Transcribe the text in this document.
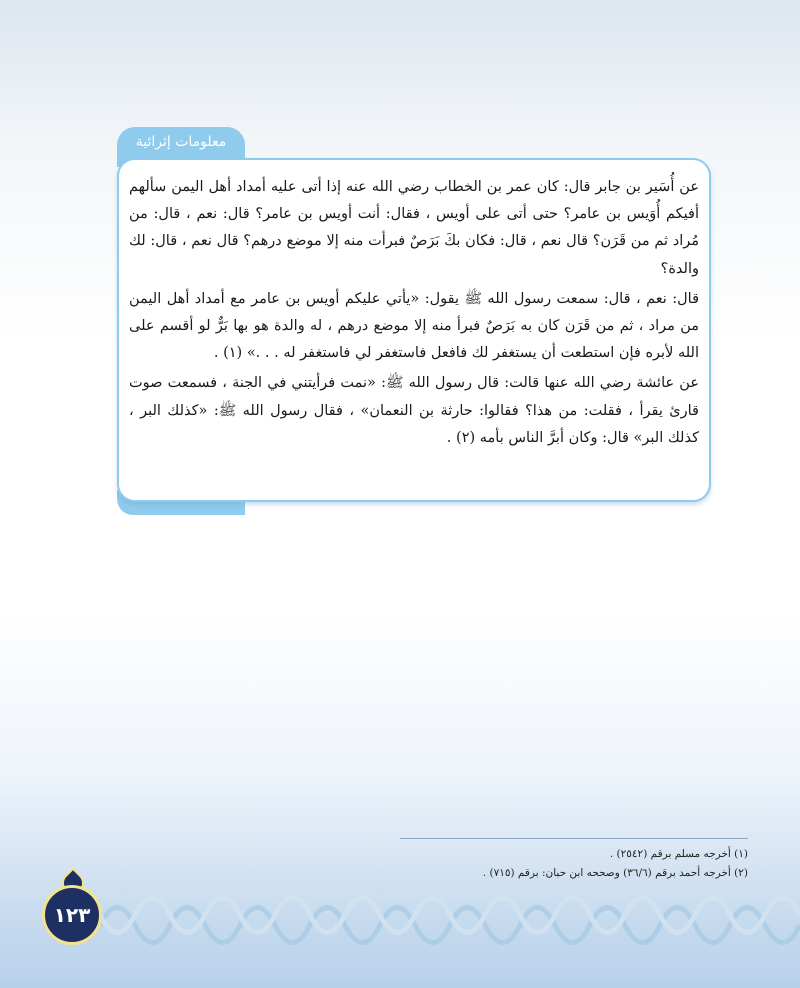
معلومات إثرائية

عن أُسَير بن جابر قال: كان عمر بن الخطاب رضي الله عنه إذا أتى عليه أمداد أهل اليمن سألهم أفيكم أُوَيس بن عامر؟ حتى أتى على أويس ، فقال: أنت أويس بن عامر؟ قال: نعم ، قال: من مُراد ثم من قَرَن؟ قال نعم ، قال: فكان بكَ بَرَصٌ فبرأت منه إلا موضع درهم؟ قال نعم ، قال: لك والدة؟

قال: نعم ، قال: سمعت رسول الله ﷺ يقول: «يأتي عليكم أويس بن عامر مع أمداد أهل اليمن من مراد ، ثم من قَرَن كان به بَرَصٌ فبرأ منه إلا موضع درهم ، له والدة هو بها بَرٌّ لو أقسم على الله لأبره فإن استطعت أن يستغفر لك فافعل فاستغفر لي فاستغفر له . . .» (١) .

عن عائشة رضي الله عنها قالت: قال رسول الله ﷺ: «نمت فرأيتني في الجنة ، فسمعت صوت قارئ يقرأ ، فقلت: من هذا؟ فقالوا: حارثة بن النعمان» ، فقال رسول الله ﷺ: «كذلك البر ، كذلك البر» قال: وكان أبرَّ الناس بأمه (٢) .

(١) أخرجه مسلم برقم (٢٥٤٢) .
(٢) أخرجه أحمد برقم (٣٦/٦) وصححه ابن حبان: برقم (٧١٥) .
١٢٣
